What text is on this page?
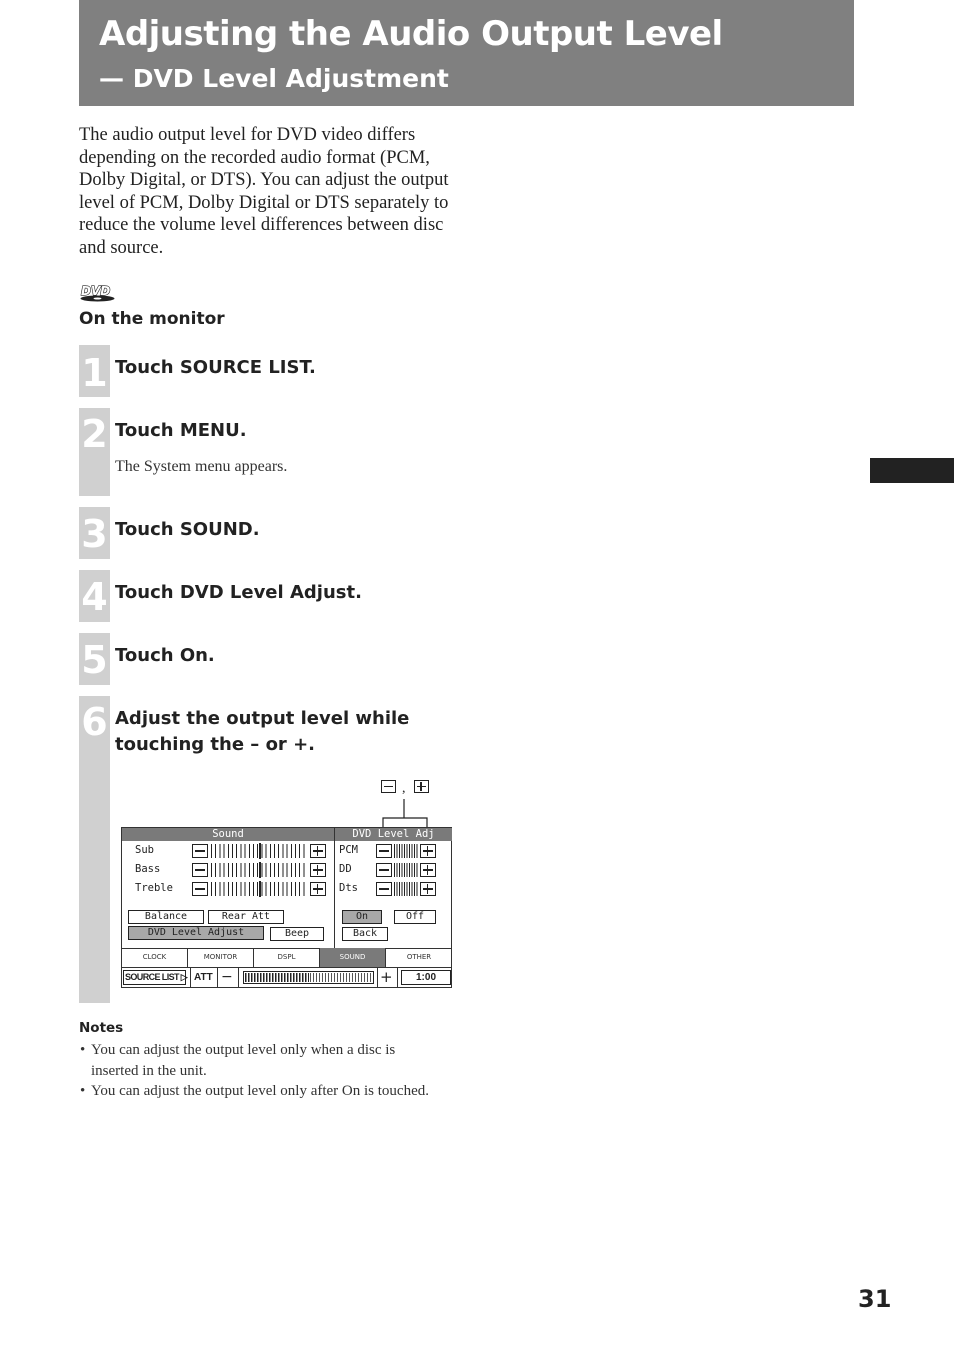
Adjusting the Audio Output Level
— DVD Level Adjustment

The audio output level for DVD video differs depending on the recorded audio format (PCM, Dolby Digital, or DTS). You can adjust the output level of PCM, Dolby Digital or DTS separately to reduce the volume level differences between disc and source.

DVD
On the monitor
1 Touch SOURCE LIST.
2 Touch MENU.
The System menu appears.
3 Touch SOUND.
4 Touch DVD Level Adjust.
5 Touch On.
6 Adjust the output level while
touching the – or +.
,
Sound	DVD Level Adj
Sub
Bass
Treble
PCM
DD
Dts
Balance	Rear Att
DVD Level Adjust	Beep
On	Off
Back
CLOCK	MONITOR	DSPL	SOUND	OTHER
SOURCE LIST ▷ ATT −	+	1:00
Notes
• You can adjust the output level only when a disc is inserted in the unit.
• You can adjust the output level only after On is touched.
31
